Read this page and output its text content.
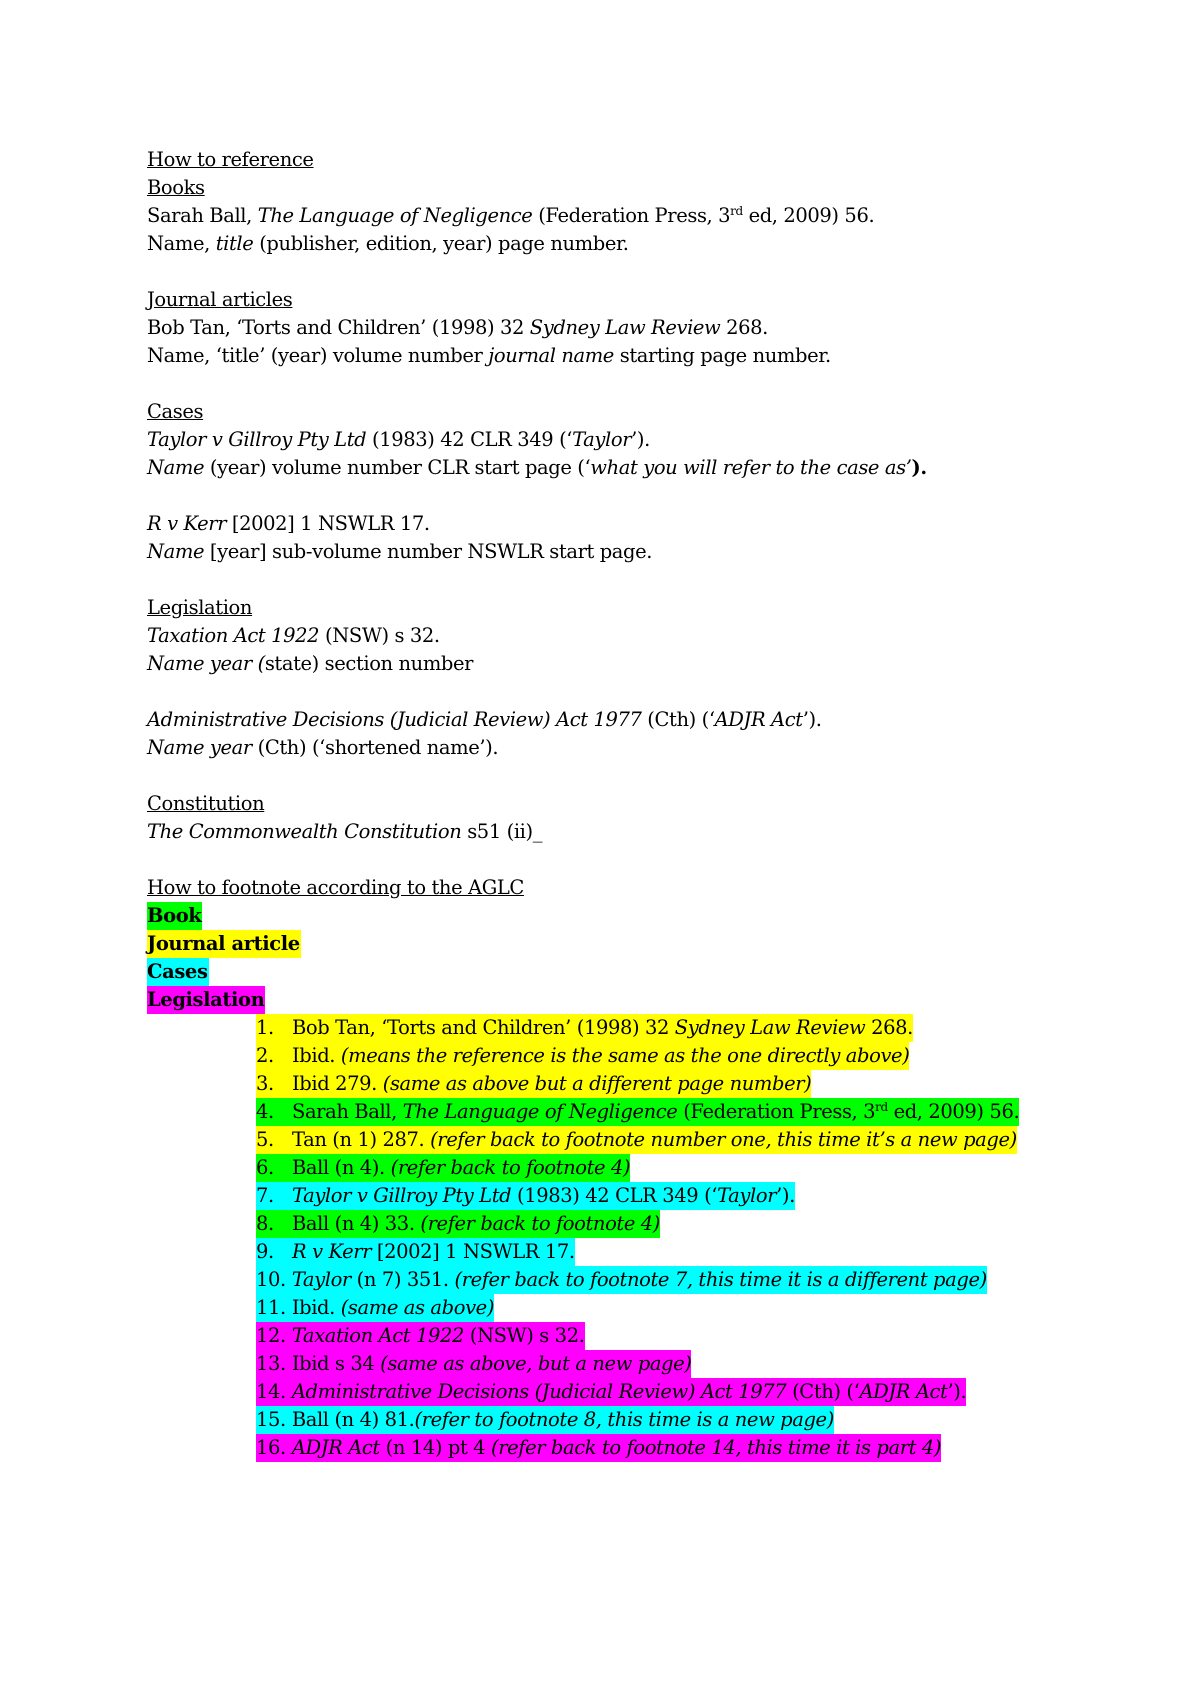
How to reference
Books
Sarah Ball, The Language of Negligence (Federation Press, 3rd ed, 2009) 56.
Name, title (publisher, edition, year) page number.
Journal articles
Bob Tan, ‘Torts and Children’ (1998) 32 Sydney Law Review 268.
Name, ‘title’ (year) volume number journal name starting page number.
Cases
Taylor v Gillroy Pty Ltd (1983) 42 CLR 349 (‘Taylor’).
Name (year) volume number CLR start page (‘what you will refer to the case as’).
R v Kerr [2002] 1 NSWLR 17.
Name [year] sub-volume number NSWLR start page.
Legislation
Taxation Act 1922 (NSW) s 32.
Name year (state) section number
Administrative Decisions (Judicial Review) Act 1977 (Cth) (‘ADJR Act’).
Name year (Cth) (‘shortened name’).
Constitution
The Commonwealth Constitution s51 (ii)_
How to footnote according to the AGLC
Book
Journal article
Cases
Legislation
1. Bob Tan, ‘Torts and Children’ (1998) 32 Sydney Law Review 268.
2. Ibid. (means the reference is the same as the one directly above)
3. Ibid 279. (same as above but a different page number)
4. Sarah Ball, The Language of Negligence (Federation Press, 3rd ed, 2009) 56.
5. Tan (n 1) 287. (refer back to footnote number one, this time it’s a new page)
6. Ball (n 4). (refer back to footnote 4)
7. Taylor v Gillroy Pty Ltd (1983) 42 CLR 349 (‘Taylor’).
8. Ball (n 4) 33. (refer back to footnote 4)
9. R v Kerr [2002] 1 NSWLR 17.
10. Taylor (n 7) 351. (refer back to footnote 7, this time it is a different page)
11. Ibid. (same as above)
12. Taxation Act 1922 (NSW) s 32.
13. Ibid s 34 (same as above, but a new page)
14. Administrative Decisions (Judicial Review) Act 1977 (Cth) (‘ADJR Act’).
15. Ball (n 4) 81.(refer to footnote 8, this time is a new page)
16. ADJR Act (n 14) pt 4 (refer back to footnote 14, this time it is part 4)
